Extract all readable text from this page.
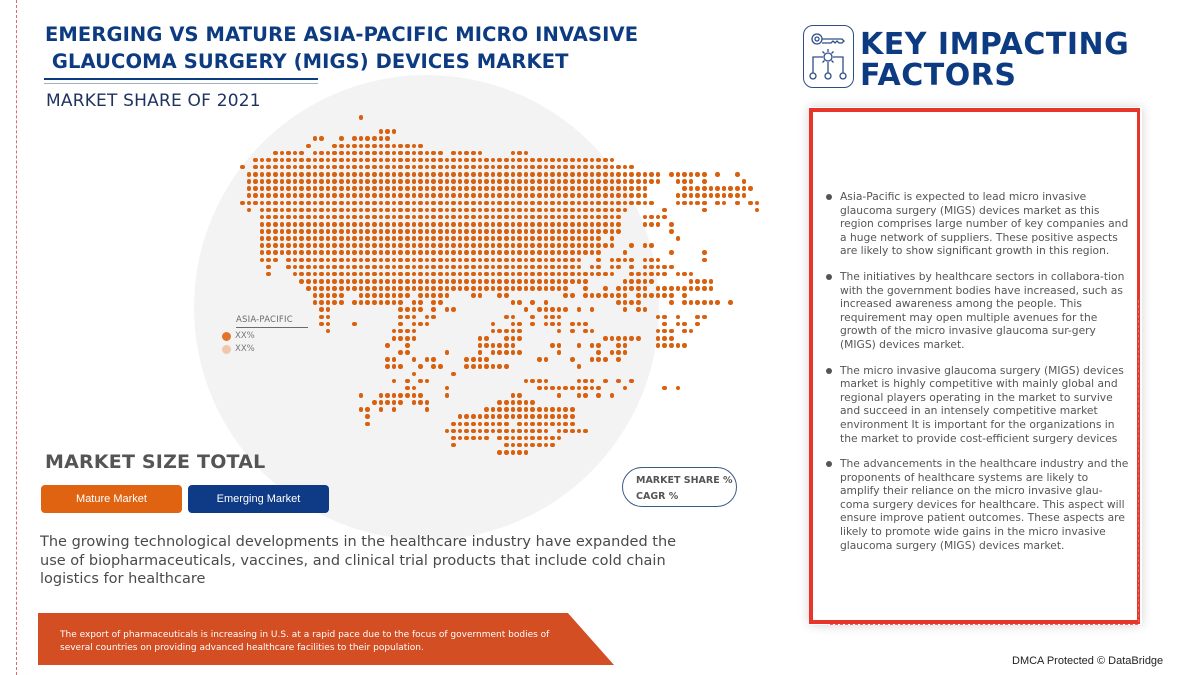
EMERGING VS MATURE ASIA-PACIFIC MICRO INVASIVE
GLAUCOMA SURGERY (MIGS) DEVICES MARKET
MARKET SHARE OF 2021
ASIA-PACIFIC
XX%
XX%
MARKET SIZE TOTAL
Mature Market	Emerging Market
MARKET SHARE %
CAGR %
The growing technological developments in the healthcare industry have expanded the use of biopharmaceuticals, vaccines, and clinical trial products that include cold chain logistics for healthcare
The export of pharmaceuticals is increasing in U.S. at a rapid pace due to the focus of government bodies of several countries on providing advanced healthcare facilities to their population.
KEY IMPACTING
FACTORS
Asia-Pacific is expected to lead micro invasive glaucoma surgery (MIGS) devices market as this region comprises large number of key companies and a huge network of suppliers. These positive aspects are likely to show significant growth in this region.
The initiatives by healthcare sectors in collabora-tion with the government bodies have increased, such as increased awareness among the people. This requirement may open multiple avenues for the growth of the micro invasive glaucoma sur-gery (MIGS) devices market.
The micro invasive glaucoma surgery (MIGS) devices market is highly competitive with mainly global and regional players operating in the market to survive and succeed in an intensely competitive market environment It is important for the organizations in the market to provide cost-efficient surgery devices
The advancements in the healthcare industry and the proponents of healthcare systems are likely to amplify their reliance on the micro invasive glau-coma surgery devices for healthcare. This aspect will ensure improve patient outcomes. These aspects are likely to promote wide gains in the micro invasive glaucoma surgery (MIGS) devices market.
DMCA Protected © DataBridge
